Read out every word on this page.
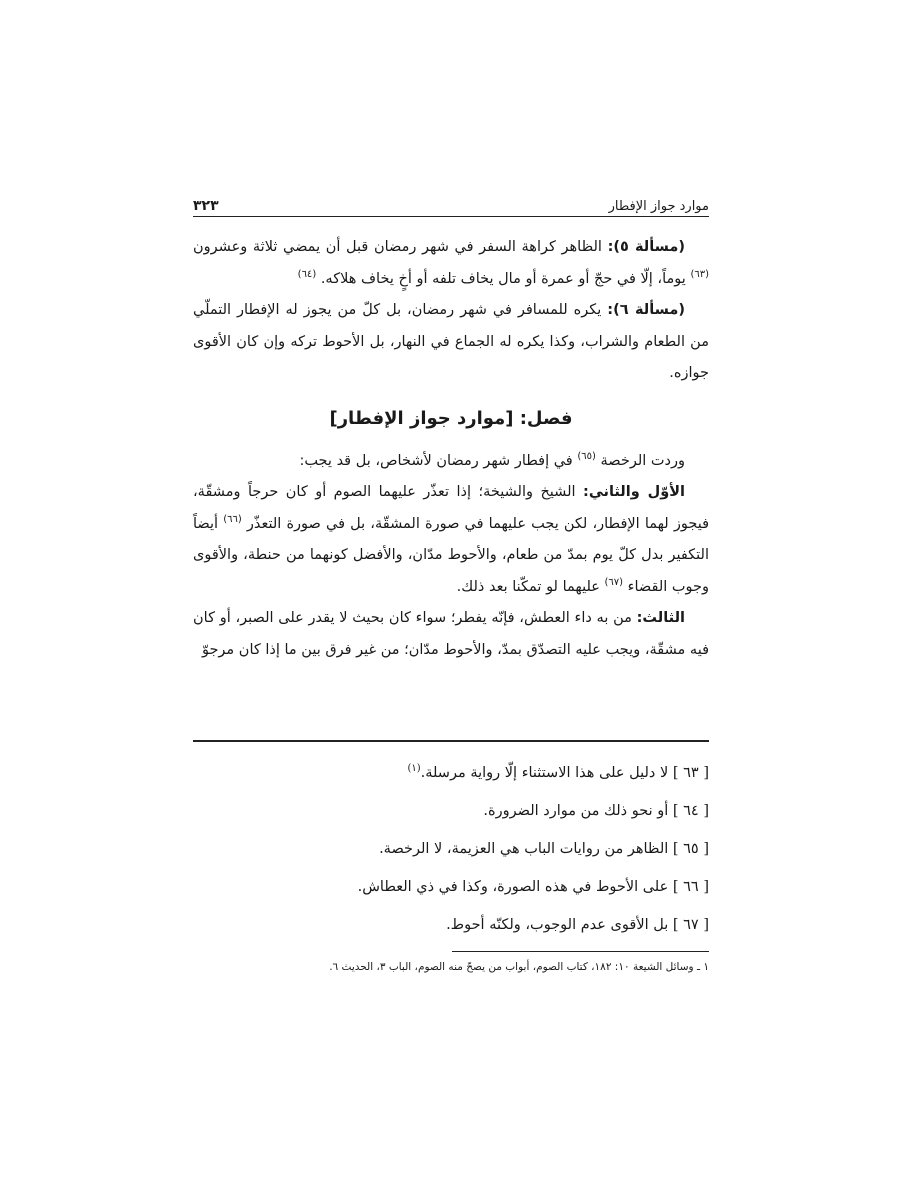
موارد جواز الإفطار
٣٢٣

(مسألة ٥): الظاهر كراهة السفر في شهر رمضان قبل أن يمضي ثلاثة وعشرون $^{(٦٣)}$ يوماً، إلّا في حجّ أو عمرة أو مال يخاف تلفه أو أخٍ يخاف هلاكه. $^{(٦٤)}$

(مسألة ٦): يكره للمسافر في شهر رمضان، بل كلّ من يجوز له الإفطار التملّي من الطعام والشراب، وكذا يكره له الجماع في النهار، بل الأحوط تركه وإن كان الأقوى جوازه.

فصل: [موارد جواز الإفطار]

وردت الرخصة $^{(٦٥)}$ في إفطار شهر رمضان لأشخاص، بل قد يجب:

الأوّل والثاني: الشيخ والشيخة؛ إذا تعذّر عليهما الصوم أو كان حرجاً ومشقّة، فيجوز لهما الإفطار، لكن يجب عليهما في صورة المشقّة، بل في صورة التعذّر $^{(٦٦)}$ أيضاً التكفير بدل كلّ يوم بمدّ من طعام، والأحوط مدّان، والأفضل كونهما من حنطة، والأقوى وجوب القضاء $^{(٦٧)}$ عليهما لو تمكّنا بعد ذلك.

الثالث: من به داء العطش، فإنّه يفطر؛ سواء كان بحيث لا يقدر على الصبر، أو كان فيه مشقّة، ويجب عليه التصدّق بمدّ، والأحوط مدّان؛ من غير فرق بين ما إذا كان مرجوّ

[ ٦٣ ] لا دليل على هذا الاستثناء إلّا رواية مرسلة.$^{(١)}$
[ ٦٤ ] أو نحو ذلك من موارد الضرورة.
[ ٦٥ ] الظاهر من روايات الباب هي العزيمة، لا الرخصة.
[ ٦٦ ] على الأحوط في هذه الصورة، وكذا في ذي العطاش.
[ ٦٧ ] بل الأقوى عدم الوجوب، ولكنّه أحوط.
١ ـ وسائل الشيعة ١٠: ١٨٢، كتاب الصوم، أبواب من يصحّ منه الصوم، الباب ٣، الحديث ٦.
